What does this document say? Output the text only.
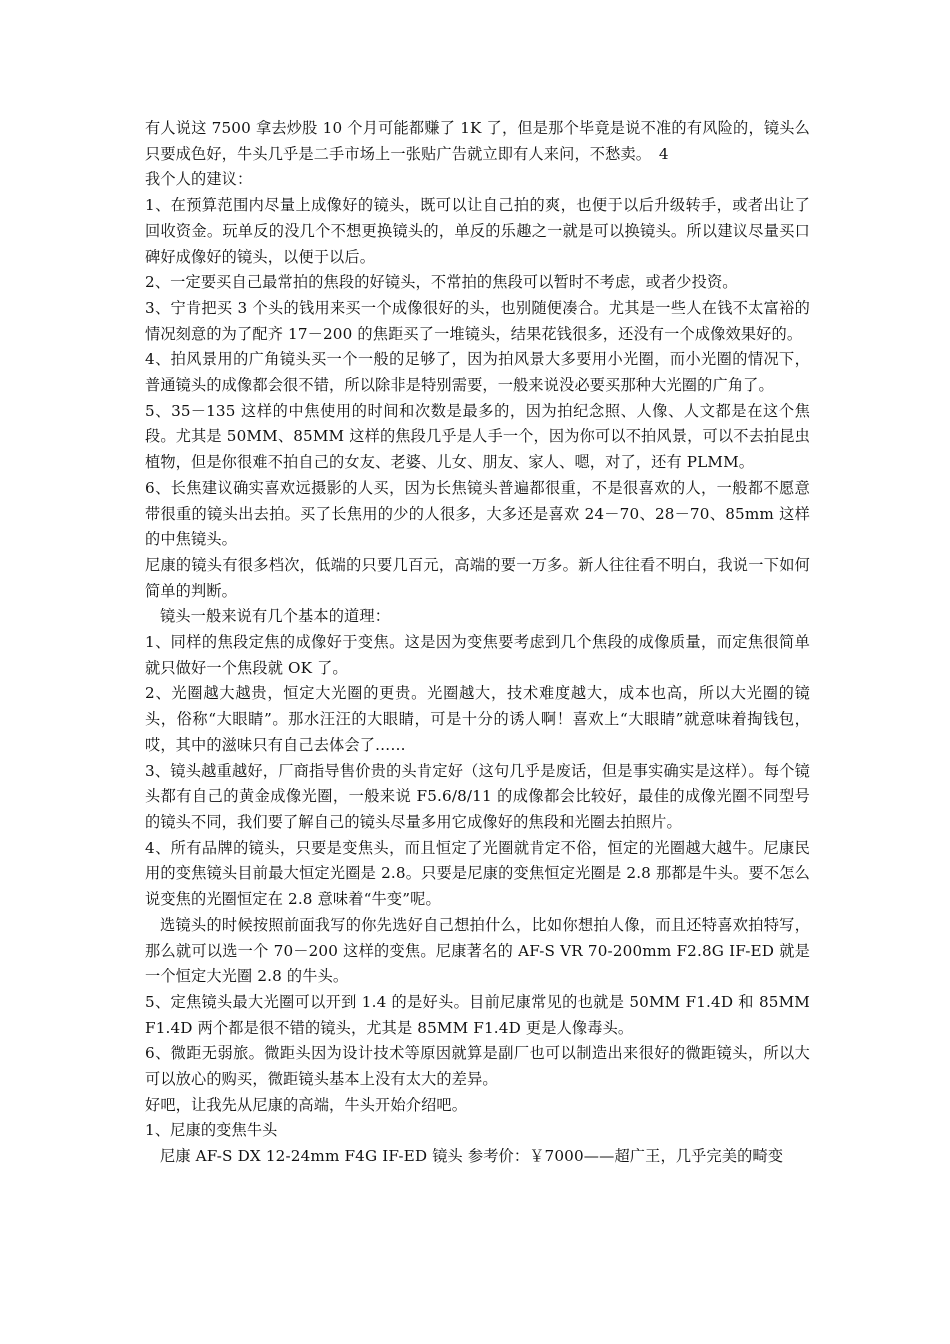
有人说这 7500 拿去炒股 10 个月可能都赚了 1K 了，但是那个毕竟是说不准的有风险的，镜头么只要成色好，牛头几乎是二手市场上一张贴广告就立即有人来问，不愁卖。　4

我个人的建议：

1、在预算范围内尽量上成像好的镜头，既可以让自己拍的爽，也便于以后升级转手，或者出让了回收资金。玩单反的没几个不想更换镜头的，单反的乐趣之一就是可以换镜头。所以建议尽量买口碑好成像好的镜头，以便于以后。

2、一定要买自己最常拍的焦段的好镜头，不常拍的焦段可以暂时不考虑，或者少投资。

3、宁肯把买 3 个头的钱用来买一个成像很好的头，也别随便凑合。尤其是一些人在钱不太富裕的情况刻意的为了配齐 17－200 的焦距买了一堆镜头，结果花钱很多，还没有一个成像效果好的。

4、拍风景用的广角镜头买一个一般的足够了，因为拍风景大多要用小光圈，而小光圈的情况下，普通镜头的成像都会很不错，所以除非是特别需要，一般来说没必要买那种大光圈的广角了。

5、35－135 这样的中焦使用的时间和次数是最多的，因为拍纪念照、人像、人文都是在这个焦段。尤其是 50MM、85MM 这样的焦段几乎是人手一个，因为你可以不拍风景，可以不去拍昆虫植物，但是你很难不拍自己的女友、老婆、儿女、朋友、家人、嗯，对了，还有 PLMM。

6、长焦建议确实喜欢远摄影的人买，因为长焦镜头普遍都很重，不是很喜欢的人，一般都不愿意带很重的镜头出去拍。买了长焦用的少的人很多，大多还是喜欢 24－70、28－70、85mm 这样的中焦镜头。

尼康的镜头有很多档次，低端的只要几百元，高端的要一万多。新人往往看不明白，我说一下如何简单的判断。

镜头一般来说有几个基本的道理：

1、同样的焦段定焦的成像好于变焦。这是因为变焦要考虑到几个焦段的成像质量，而定焦很简单就只做好一个焦段就 OK 了。

2、光圈越大越贵，恒定大光圈的更贵。光圈越大，技术难度越大，成本也高，所以大光圈的镜头，俗称“大眼睛”。那水汪汪的大眼睛，可是十分的诱人啊！喜欢上“大眼睛”就意味着掏钱包，哎，其中的滋味只有自己去体会了……

3、镜头越重越好，厂商指导售价贵的头肯定好（这句几乎是废话，但是事实确实是这样）。每个镜头都有自己的黄金成像光圈，一般来说 F5.6/8/11 的成像都会比较好，最佳的成像光圈不同型号的镜头不同，我们要了解自己的镜头尽量多用它成像好的焦段和光圈去拍照片。

4、所有品牌的镜头，只要是变焦头，而且恒定了光圈就肯定不俗，恒定的光圈越大越牛。尼康民用的变焦镜头目前最大恒定光圈是 2.8。只要是尼康的变焦恒定光圈是 2.8 那都是牛头。要不怎么说变焦的光圈恒定在 2.8 意味着“牛变”呢。

选镜头的时候按照前面我写的你先选好自己想拍什么，比如你想拍人像，而且还特喜欢拍特写，那么就可以选一个 70－200 这样的变焦。尼康著名的 AF-S VR 70-200mm F2.8G IF-ED 就是一个恒定大光圈 2.8 的牛头。

5、定焦镜头最大光圈可以开到 1.4 的是好头。目前尼康常见的也就是 50MM F1.4D 和 85MM F1.4D 两个都是很不错的镜头，尤其是 85MM F1.4D 更是人像毒头。

6、微距无弱旅。微距头因为设计技术等原因就算是副厂也可以制造出来很好的微距镜头，所以大可以放心的购买，微距镜头基本上没有太大的差异。

好吧，让我先从尼康的高端，牛头开始介绍吧。

1、尼康的变焦牛头

尼康 AF-S DX 12-24mm F4G IF-ED 镜头 参考价：￥7000——超广王，几乎完美的畸变
